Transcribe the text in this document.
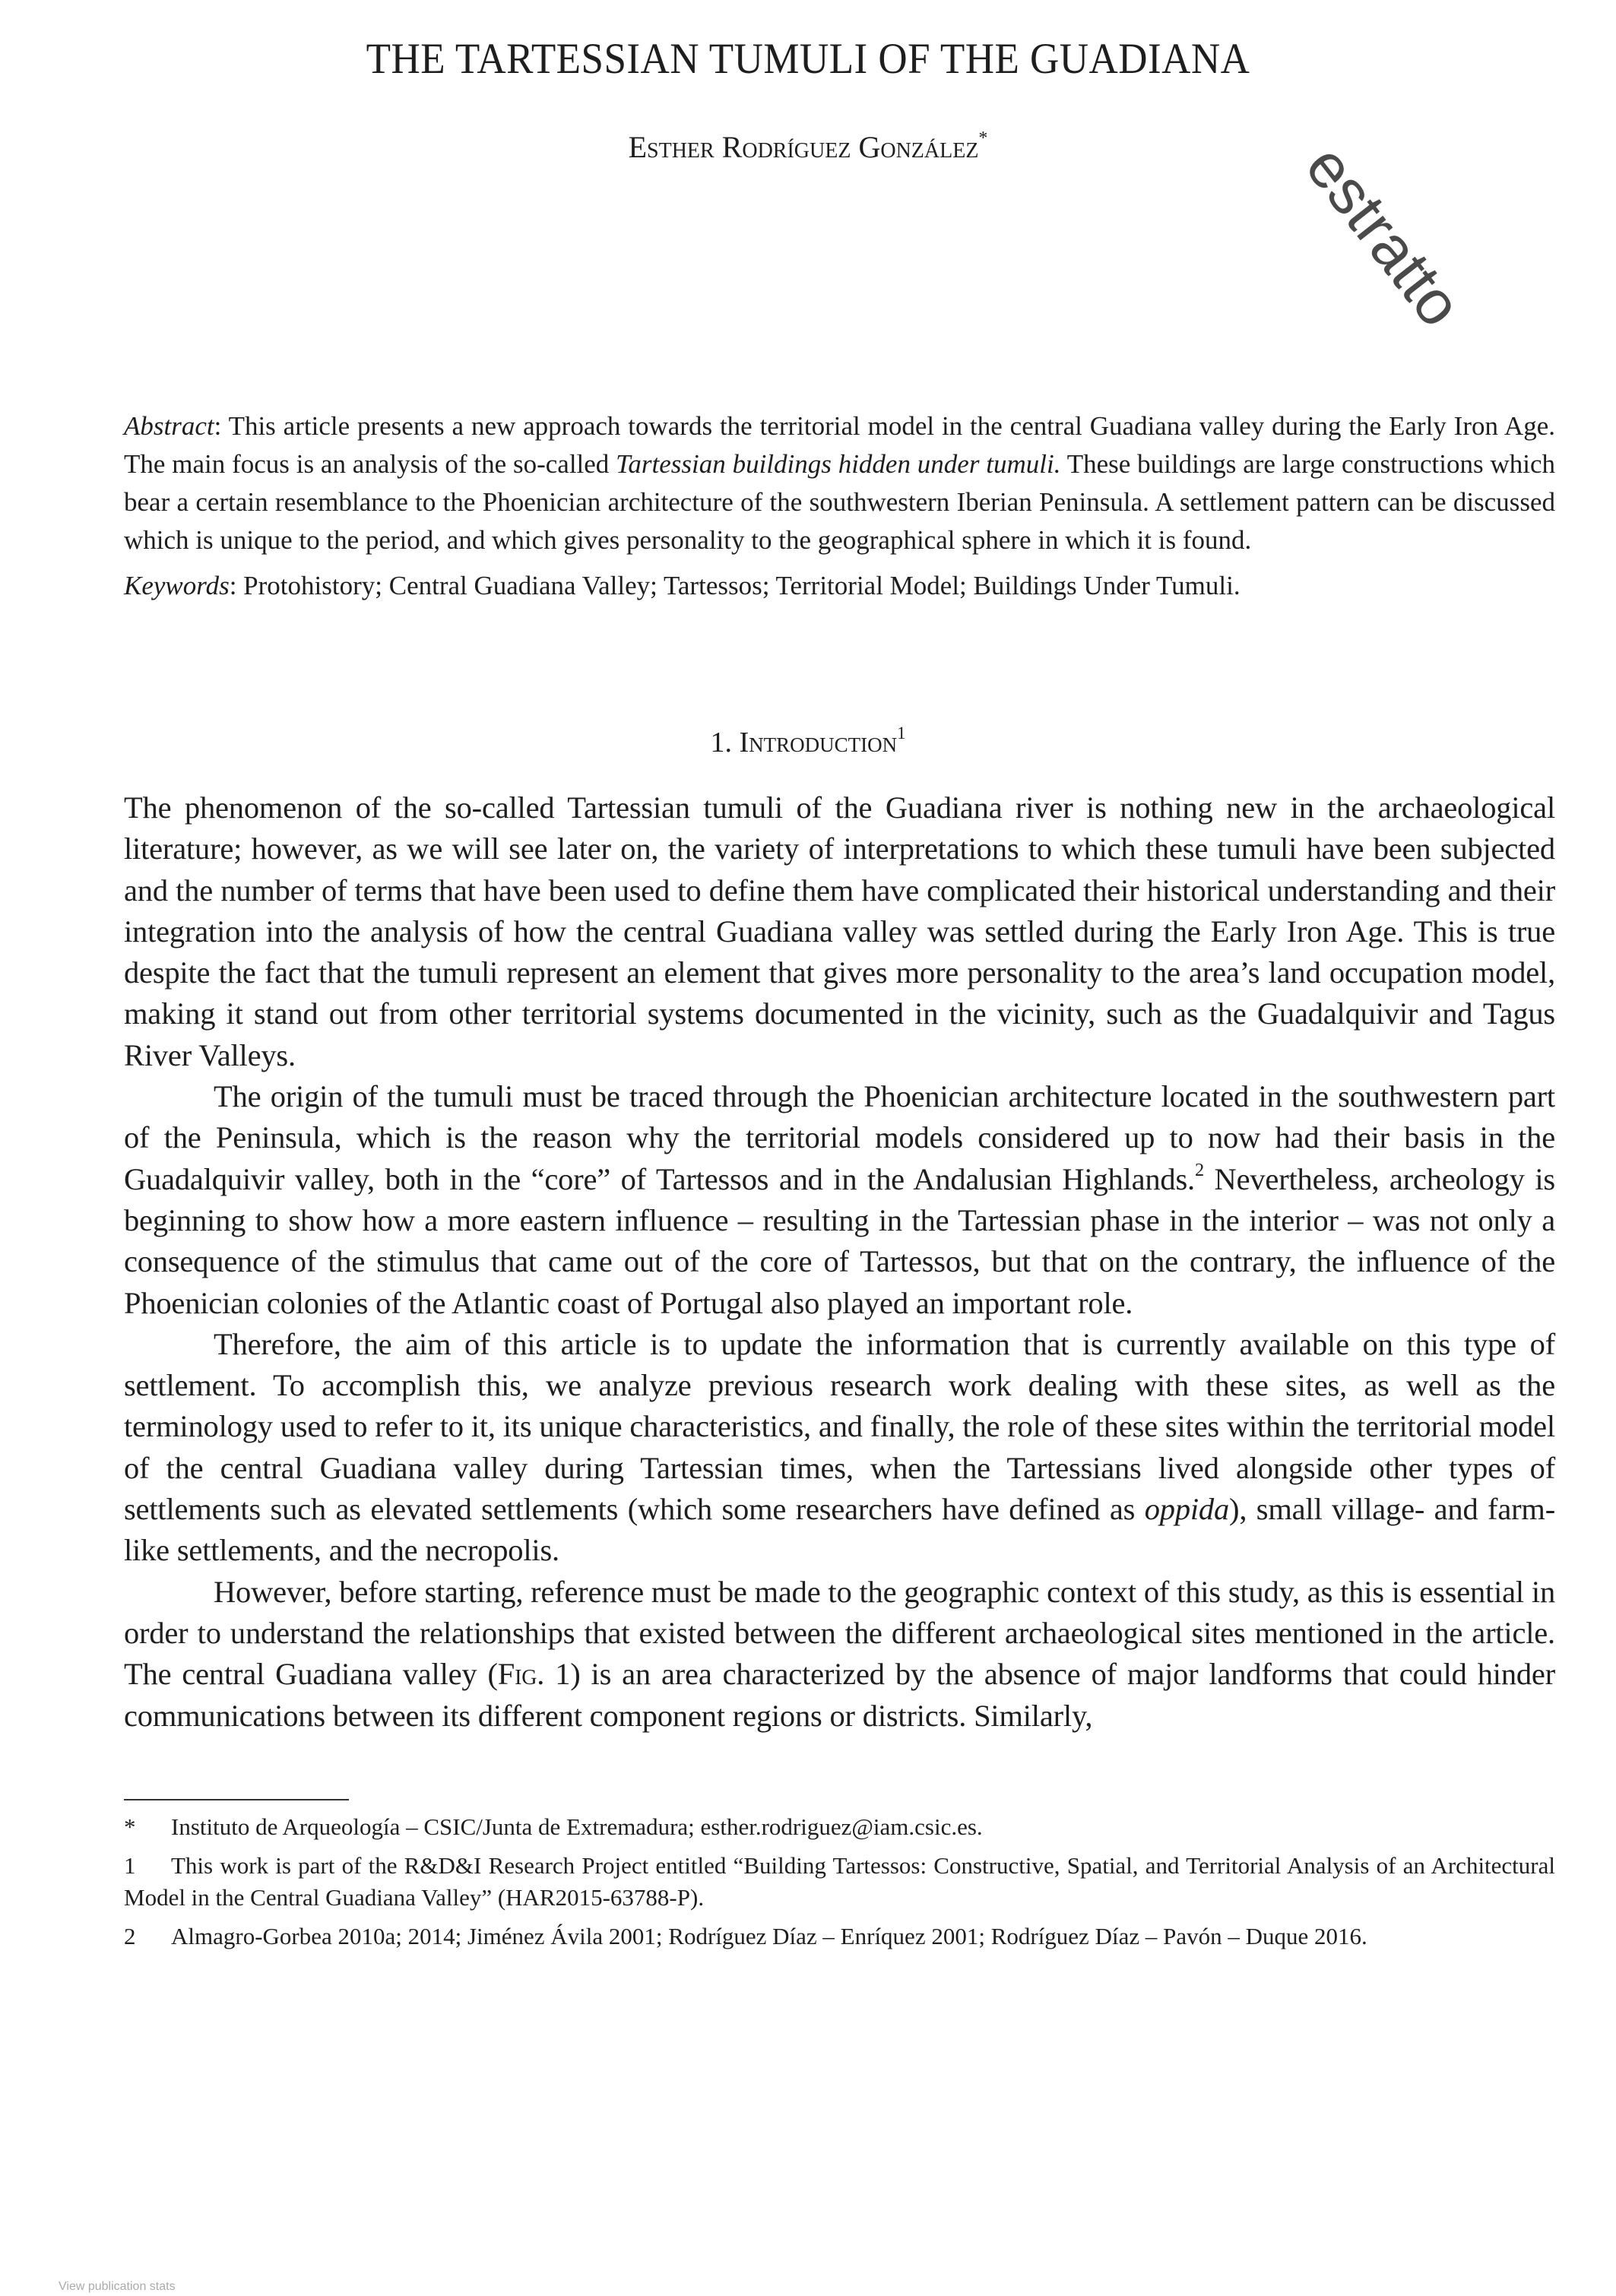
THE TARTESSIAN TUMULI OF THE GUADIANA

Esther Rodríguez González*	estratto

Abstract: This article presents a new approach towards the territorial model in the central Guadiana valley during the Early Iron Age. The main focus is an analysis of the so-called Tartessian buildings hidden under tumuli. These buildings are large constructions which bear a certain resemblance to the Phoenician architecture of the southwestern Iberian Peninsula. A settlement pattern can be discussed which is unique to the period, and which gives personality to the geographical sphere in which it is found.

Keywords: Protohistory; Central Guadiana Valley; Tartessos; Territorial Model; Buildings Under Tumuli.

1. Introduction$^1$

The phenomenon of the so-called Tartessian tumuli of the Guadiana river is nothing new in the archaeological literature; however, as we will see later on, the variety of interpretations to which these tumuli have been subjected and the number of terms that have been used to define them have complicated their historical understanding and their integration into the analysis of how the central Guadiana valley was settled during the Early Iron Age. This is true despite the fact that the tumuli represent an element that gives more personality to the area’s land occupation model, making it stand out from other territorial systems documented in the vicinity, such as the Guadalquivir and Tagus River Valleys.

The origin of the tumuli must be traced through the Phoenician architecture located in the southwestern part of the Peninsula, which is the reason why the territorial models considered up to now had their basis in the Guadalquivir valley, both in the “core” of Tartessos and in the Andalusian Highlands.$^2$ Nevertheless, archeology is beginning to show how a more eastern influence – resulting in the Tartessian phase in the interior – was not only a consequence of the stimulus that came out of the core of Tartessos, but that on the contrary, the influence of the Phoenician colonies of the Atlantic coast of Portugal also played an important role.

Therefore, the aim of this article is to update the information that is currently available on this type of settlement. To accomplish this, we analyze previous research work dealing with these sites, as well as the terminology used to refer to it, its unique characteristics, and finally, the role of these sites within the territorial model of the central Guadiana valley during Tartessian times, when the Tartessians lived alongside other types of settlements such as elevated settlements (which some researchers have defined as oppida), small village- and farm-like settlements, and the necropolis.

However, before starting, reference must be made to the geographic context of this study, as this is essential in order to understand the relationships that existed between the different archaeological sites mentioned in the article. The central Guadiana valley (Fig. 1) is an area characterized by the absence of major landforms that could hinder communications between its different component regions or districts. Similarly,

* Instituto de Arqueología – CSIC/Junta de Extremadura; esther.rodriguez@iam.csic.es.

1 This work is part of the R&D&I Research Project entitled “Building Tartessos: Constructive, Spatial, and Territorial Analysis of an Architectural Model in the Central Guadiana Valley” (HAR2015-63788-P).

2 Almagro-Gorbea 2010a; 2014; Jiménez Ávila 2001; Rodríguez Díaz – Enríquez 2001; Rodríguez Díaz – Pavón – Duque 2016.

View publication stats
